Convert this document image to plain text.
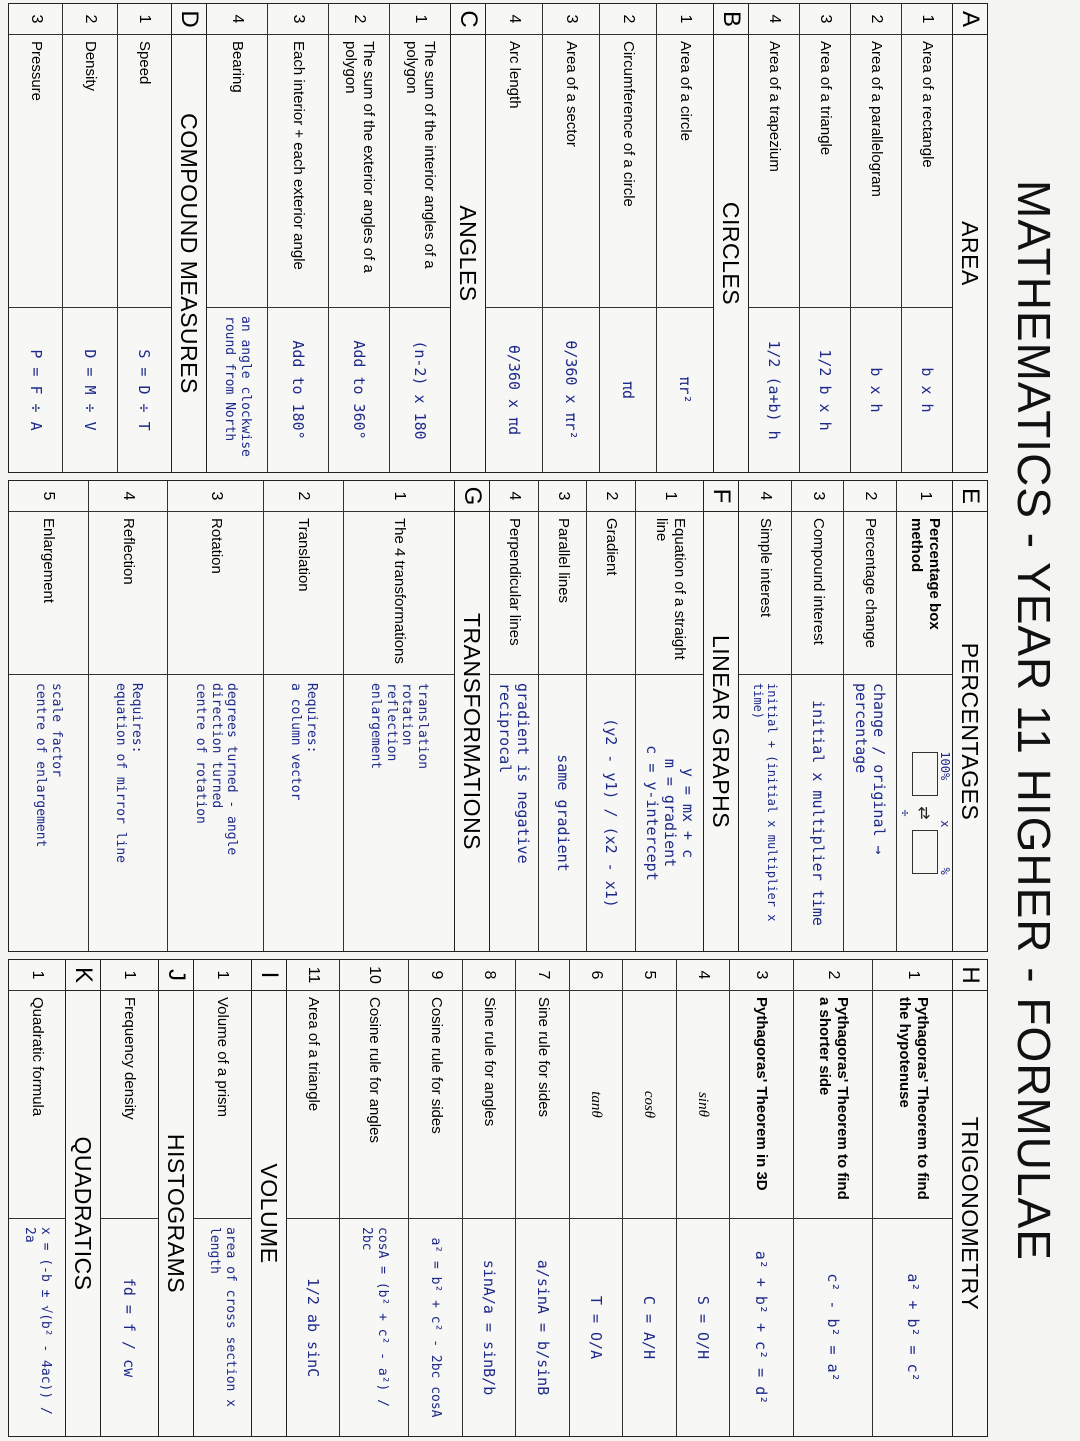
MATHEMATICS - YEAR 11 HIGHER - FORMULAE
A
AREA
1
Area of a rectangle
b x h
2
Area of a parallelogram
b x h
3
Area of a triangle
1/2 b x h
4
Area of a trapezium
1/2 (a+b) h
B
CIRCLES
1
Area of a circle
πr²
2
Circumference of a circle
πd
3
Area of a sector
θ/360 x πr²
4
Arc length
θ/360 x πd
C
ANGLES
1
The sum of the interior angles of a polygon
(n-2) x 180
2
The sum of the exterior angles of a polygon
Add to 360°
3
Each interior + each exterior angle
Add to 180°
4
Bearing
an angle clockwise round from North
D
COMPOUND MEASURES
1
Speed
S = D ÷ T
2
Density
D = M ÷ V
3
Pressure
P = F ÷ A
E
PERCENTAGES
1
Percentage box method
100%
x
%
⇄
÷
2
Percentage change
change / original → percentage
3
Compound interest
initial x multiplier time
4
Simple interest
initial + (initial x multiplier x time)
F
LINEAR GRAPHS
1
Equation of a straight line
y = mx + c
m = gradient
c = y-intercept
2
Gradient
(y2 - y1) / (x2 - x1)
3
Parallel lines
same gradient
4
Perpendicular lines
gradient is negative reciprocal
G
TRANSFORMATIONS
1
The 4 transformations
translation
rotation
reflection
enlargement
2
Translation
Requires:
a column vector
3
Rotation
degrees turned - angle
direction turned
centre of rotation
4
Reflection
Requires:
equation of mirror line
5
Enlargement
scale factor
centre of enlargement
H
TRIGONOMETRY
1
Pythagoras' Theorem to find the hypotenuse
a² + b² = c²
2
Pythagoras' Theorem to find a shorter side
c² - b² = a²
3
Pythagoras' Theorem in 3D
a² + b² + c² = d²
4
sinθ
S = O/H
5
cosθ
C = A/H
6
tanθ
T = O/A
7
Sine rule for sides
a/sinA = b/sinB
8
Sine rule for angles
sinA/a = sinB/b
9
Cosine rule for sides
a² = b² + c² - 2bc cosA
10
Cosine rule for angles
cosA = (b² + c² - a²) / 2bc
11
Area of a triangle
1/2 ab sinC
I
VOLUME
1
Volume of a prism
area of cross section x length
J
HISTOGRAMS
1
Frequency density
fd = f / cw
K
QUADRATICS
1
Quadratic formula
x = (-b ± √(b² - 4ac)) / 2a
